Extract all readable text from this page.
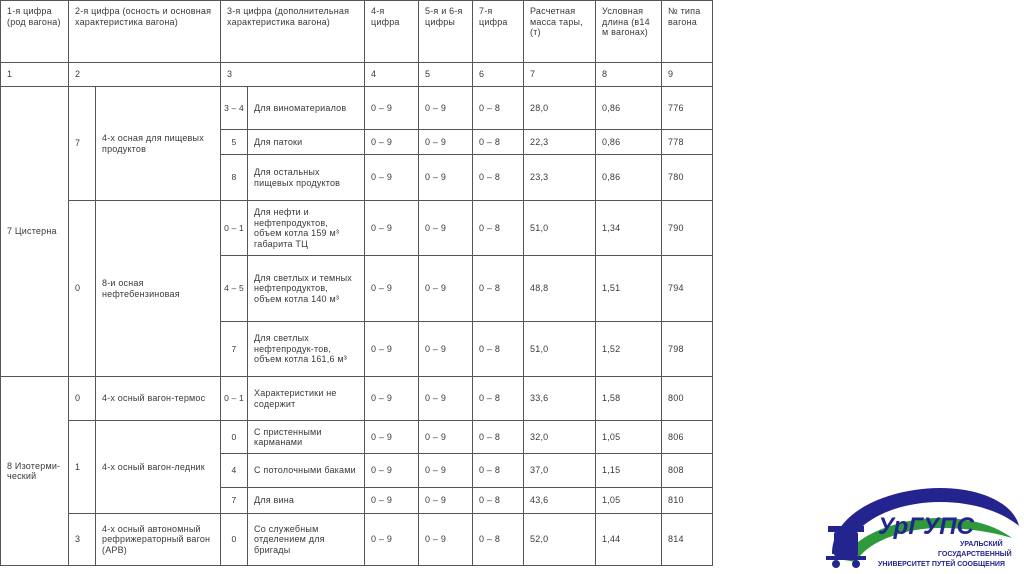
1-я цифра (род вагона)	2-я цифра (осность и основная характеристика вагона)		3-я цифра (дополнительная характеристика вагона)		4-я цифра	5-я и 6-я цифры	7-я цифра	Расчетная масса тары, (т)	Условная длина (в14 м вагонах)	№ типа вагона
1	2		3		4	5	6	7	8	9
7 Цистерна	7	4-х осная для пищевых продуктов	3 – 4	Для виноматериалов	0 – 9	0 – 9	0 – 8	28,0	0,86	776
			5	Для патоки	0 – 9	0 – 9	0 – 8	22,3	0,86	778
			8	Для остальных пищевых продуктов	0 – 9	0 – 9	0 – 8	23,3	0,86	780
	0	8-и осная нефтебензиновая	0 – 1	Для нефти и нефтепродуктов, объем котла 159 м³ габарита ТЦ	0 – 9	0 – 9	0 – 8	51,0	1,34	790
			4 – 5	Для светлых и темных нефтепродуктов, объем котла 140 м³	0 – 9	0 – 9	0 – 8	48,8	1,51	794
			7	Для светлых нефтепродук-тов, объем котла 161,6 м³	0 – 9	0 – 9	0 – 8	51,0	1,52	798
8 Изотерми-ческий	0	4-х осный вагон-термос	0 – 1	Характеристики не содержит	0 – 9	0 – 9	0 – 8	33,6	1,58	800
	1	4-х осный вагон-ледник	0	С пристенными карманами	0 – 9	0 – 9	0 – 8	32,0	1,05	806
			4	С потолочными баками	0 – 9	0 – 9	0 – 8	37,0	1,15	808
			7	Для вина	0 – 9	0 – 9	0 – 8	43,6	1,05	810
	3	4-х осный автономный рефрижераторный вагон (АРВ)	0	Со служебным отделением для бригады	0 – 9	0 – 9	0 – 8	52,0	1,44	814	УрГУПС
УРАЛЬСКИЙ
ГОСУДАРСТВЕННЫЙ
УНИВЕРСИТЕТ ПУТЕЙ СООБЩЕНИЯ
